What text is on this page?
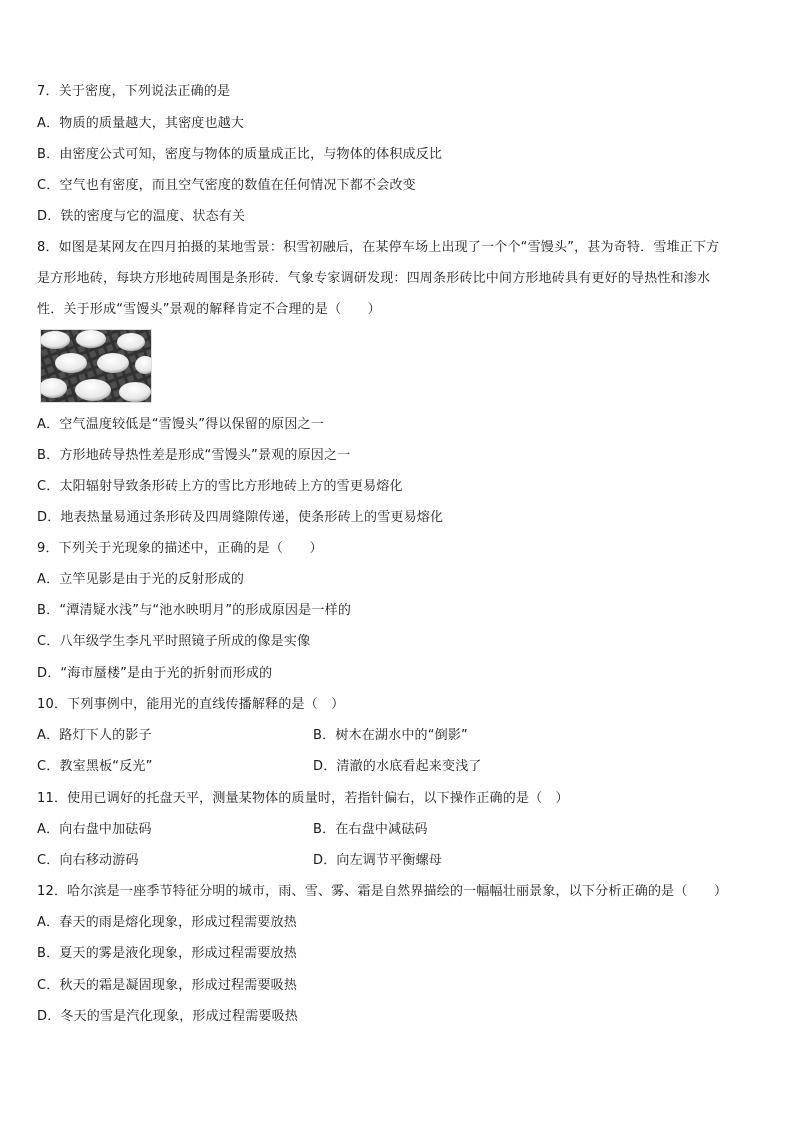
7．关于密度，下列说法正确的是
A．物质的质量越大，其密度也越大
B．由密度公式可知，密度与物体的质量成正比，与物体的体积成反比
C．空气也有密度，而且空气密度的数值在任何情况下都不会改变
D．铁的密度与它的温度、状态有关
8．如图是某网友在四月拍摄的某地雪景：积雪初融后，在某停车场上出现了一个个“雪馒头”，甚为奇特．雪堆正下方
是方形地砖，每块方形地砖周围是条形砖．气象专家调研发现：四周条形砖比中间方形地砖具有更好的导热性和渗水
性．关于形成“雪馒头”景观的解释肯定不合理的是（　　）
A．空气温度较低是“雪馒头”得以保留的原因之一
B．方形地砖导热性差是形成“雪馒头”景观的原因之一
C．太阳辐射导致条形砖上方的雪比方形地砖上方的雪更易熔化
D．地表热量易通过条形砖及四周缝隙传递，使条形砖上的雪更易熔化
9．下列关于光现象的描述中，正确的是（　　）
A．立竿见影是由于光的反射形成的
B．“潭清疑水浅”与“池水映明月”的形成原因是一样的
C．八年级学生李凡平时照镜子所成的像是实像
D．“海市蜃楼”是由于光的折射而形成的
10．下列事例中，能用光的直线传播解释的是（　）
A．路灯下人的影子	B．树木在湖水中的“倒影”
C．教室黑板“反光”	D．清澈的水底看起来变浅了
11．使用已调好的托盘天平，测量某物体的质量时，若指针偏右，以下操作正确的是（　）
A．向右盘中加砝码	B．在右盘中减砝码
C．向右移动游码	D．向左调节平衡螺母
12．哈尔滨是一座季节特征分明的城市，雨、雪、雾、霜是自然界描绘的一幅幅壮丽景象，以下分析正确的是（　　）
A．春天的雨是熔化现象，形成过程需要放热
B．夏天的雾是液化现象，形成过程需要放热
C．秋天的霜是凝固现象，形成过程需要吸热
D．冬天的雪是汽化现象，形成过程需要吸热
